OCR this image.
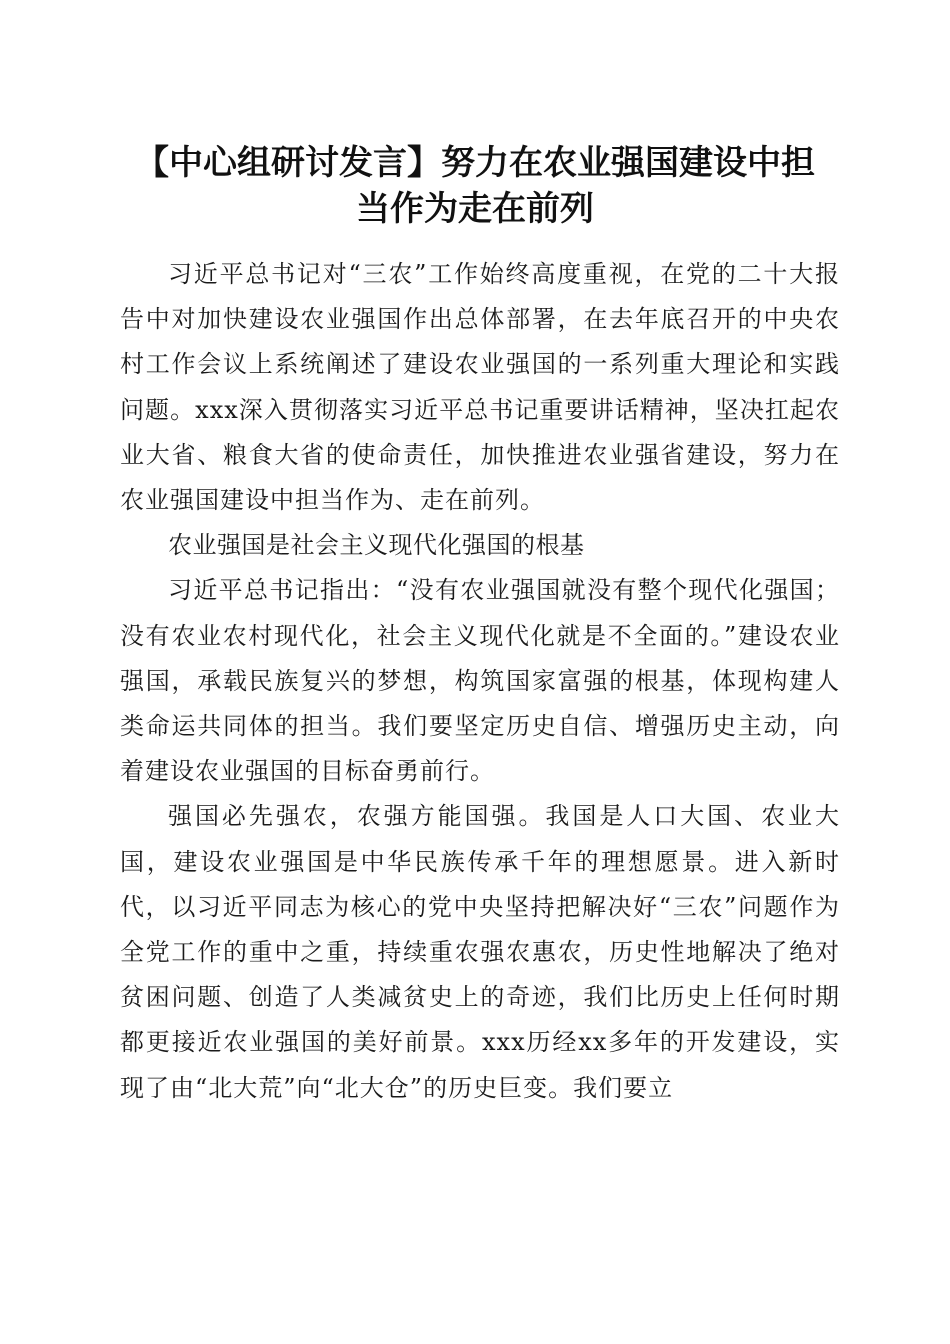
【中心组研讨发言】努力在农业强国建设中担
当作为走在前列

习近平总书记对“三农”工作始终高度重视，在党的二十大报告中对加快建设农业强国作出总体部署，在去年底召开的中央农村工作会议上系统阐述了建设农业强国的一系列重大理论和实践问题。xxx深入贯彻落实习近平总书记重要讲话精神，坚决扛起农业大省、粮食大省的使命责任，加快推进农业强省建设，努力在农业强国建设中担当作为、走在前列。

农业强国是社会主义现代化强国的根基

习近平总书记指出：“没有农业强国就没有整个现代化强国；没有农业农村现代化，社会主义现代化就是不全面的。”建设农业强国，承载民族复兴的梦想，构筑国家富强的根基，体现构建人类命运共同体的担当。我们要坚定历史自信、增强历史主动，向着建设农业强国的目标奋勇前行。

强国必先强农，农强方能国强。我国是人口大国、农业大国，建设农业强国是中华民族传承千年的理想愿景。进入新时代，以习近平同志为核心的党中央坚持把解决好“三农”问题作为全党工作的重中之重，持续重农强农惠农，历史性地解决了绝对贫困问题、创造了人类减贫史上的奇迹，我们比历史上任何时期都更接近农业强国的美好前景。xxx历经xx多年的开发建设，实现了由“北大荒”向“北大仓”的历史巨变。我们要立
